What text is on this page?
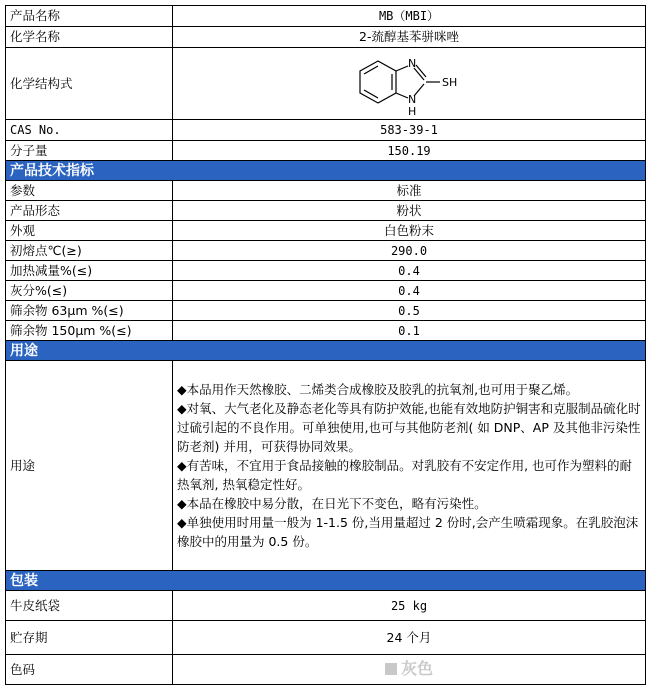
产品名称	MB（MBI）
化学名称	2-巯醇基苯骈咪唑
化学结构式	N
N
H
SH

CAS No.	583-39-1
分子量	150.19
产品技术指标	
参数	标准
产品形态	粉状
外观	白色粉末
初熔点℃(≥)	290.0
加热减量%(≤)	0.4
灰分%(≤)	0.4
筛余物 63μm %(≤)	0.5
筛余物 150μm %(≤)	0.1
用途	
用途	◆本品用作天然橡胶、二烯类合成橡胶及胶乳的抗氧剂,也可用于聚乙烯。
◆对氧、大气老化及静态老化等具有防护效能,也能有效地防护铜害和克服制品硫化时过硫引起的不良作用。可单独使用,也可与其他防老剂( 如 DNP、AP 及其他非污染性防老剂) 并用，可获得协同效果。
◆有苦味，不宜用于食品接触的橡胶制品。对乳胶有不安定作用, 也可作为塑料的耐热氧剂, 热氧稳定性好。
◆本品在橡胶中易分散，在日光下不变色，略有污染性。
◆单独使用时用量一般为 1-1.5 份,当用量超过 2 份时,会产生喷霜现象。在乳胶泡沫橡胶中的用量为 0.5 份。

包装	
牛皮纸袋	25 kg
贮存期	24 个月
色码	灰色
